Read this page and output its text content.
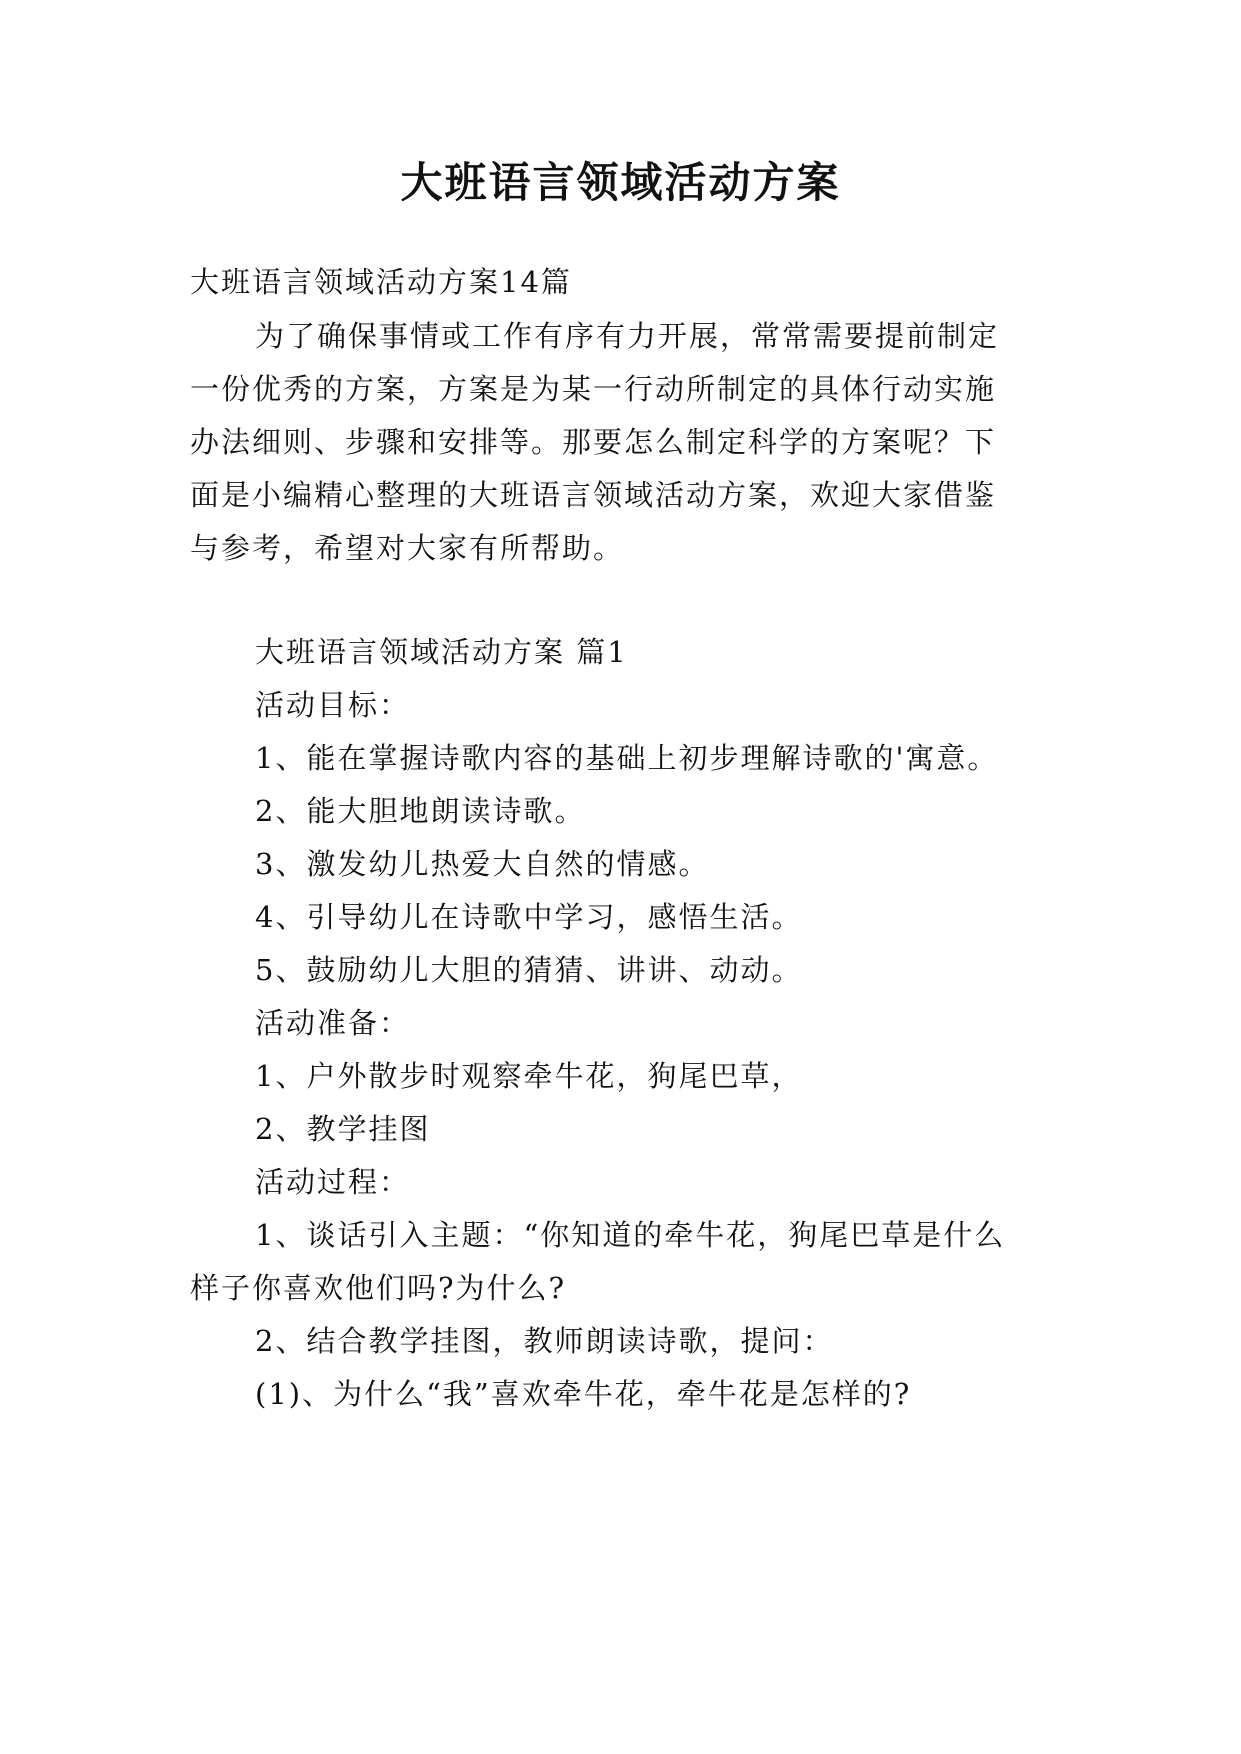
大班语言领域活动方案
大班语言领域活动方案14篇
为了确保事情或工作有序有力开展，常常需要提前制定
一份优秀的方案，方案是为某一行动所制定的具体行动实施
办法细则、步骤和安排等。那要怎么制定科学的方案呢？下
面是小编精心整理的大班语言领域活动方案，欢迎大家借鉴
与参考，希望对大家有所帮助。
大班语言领域活动方案 篇1
活动目标：
1、能在掌握诗歌内容的基础上初步理解诗歌的'寓意。
2、能大胆地朗读诗歌。
3、激发幼儿热爱大自然的情感。
4、引导幼儿在诗歌中学习，感悟生活。
5、鼓励幼儿大胆的猜猜、讲讲、动动。
活动准备：
1、户外散步时观察牵牛花，狗尾巴草，
2、教学挂图
活动过程：
1、谈话引入主题：“你知道的牵牛花，狗尾巴草是什么
样子你喜欢他们吗?为什么?
2、结合教学挂图，教师朗读诗歌，提问：
(1)、为什么“我”喜欢牵牛花，牵牛花是怎样的?
